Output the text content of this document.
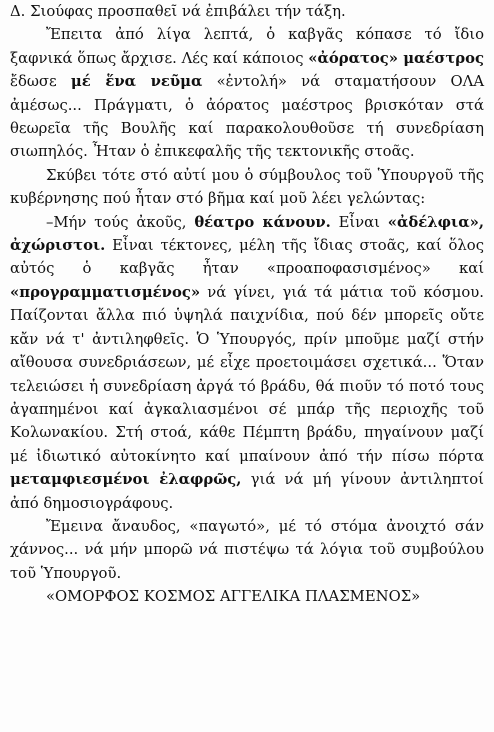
Δ. Σιούφας προσπαθεῖ νά ἐπιβάλει τήν τάξη.

Ἔπειτα ἀπό λίγα λεπτά, ὁ καβγᾶς κόπασε τό ἴδιο ξαφνικά ὅπως ἄρχισε. Λές καί κάποιος «ἀόρατος» μαέστρος ἔδωσε μέ ἕνα νεῦμα «ἐντολή» νά σταματήσουν ΟΛΑ ἀμέσως... Πράγματι, ὁ ἀόρατος μαέστρος βρισκόταν στά θεωρεῖα τῆς Βουλῆς καί παρακολουθοῦσε τή συνεδρίαση σιωπηλός. Ἦταν ὁ ἐπικεφαλῆς τῆς τεκτονικῆς στοᾶς.

Σκύβει τότε στό αὐτί μου ὁ σύμβουλος τοῦ Ὑπουργοῦ τῆς κυβέρνησης πού ἦταν στό βῆμα καί μοῦ λέει γελώντας:

–Μήν τούς ἀκοῦς, θέατρο κάνουν. Εἶναι «ἀδέλφια», ἀχώριστοι. Εἶναι τέκτονες, μέλη τῆς ἴδιας στοᾶς, καί ὅλος αὐτός ὁ καβγᾶς ἦταν «προαποφασισμένος» καί «προγραμματισμένος» νά γίνει, γιά τά μάτια τοῦ κόσμου. Παίζονται ἄλλα πιό ὑψηλά παιχνίδια, πού δέν μπορεῖς οὔτε κἄν νά τ' ἀντιληφθεῖς. Ὁ Ὑπουργός, πρίν μποῦμε μαζί στήν αἴθουσα συνεδριάσεων, μέ εἶχε προετοιμάσει σχετικά... Ὅταν τελειώσει ἡ συνεδρίαση ἀργά τό βράδυ, θά πιοῦν τό ποτό τους ἀγαπημένοι καί ἀγκαλιασμένοι σέ μπάρ τῆς περιοχῆς τοῦ Κολωνακίου. Στή στοά, κάθε Πέμπτη βράδυ, πηγαίνουν μαζί μέ ἰδιωτικό αὐτοκίνητο καί μπαίνουν ἀπό τήν πίσω πόρτα μεταμφιεσμένοι ἐλαφρῶς, γιά νά μή γίνουν ἀντιληπτοί ἀπό δημοσιογράφους.

Ἔμεινα ἄναυδος, «παγωτό», μέ τό στόμα ἀνοιχτό σάν χάννος... νά μήν μπορῶ νά πιστέψω τά λόγια τοῦ συμβούλου τοῦ Ὑπουργοῦ.

«ΟΜΟΡΦΟΣ ΚΟΣΜΟΣ ΑΓΓΕΛΙΚΑ ΠΛΑΣΜΕΝΟΣ»
